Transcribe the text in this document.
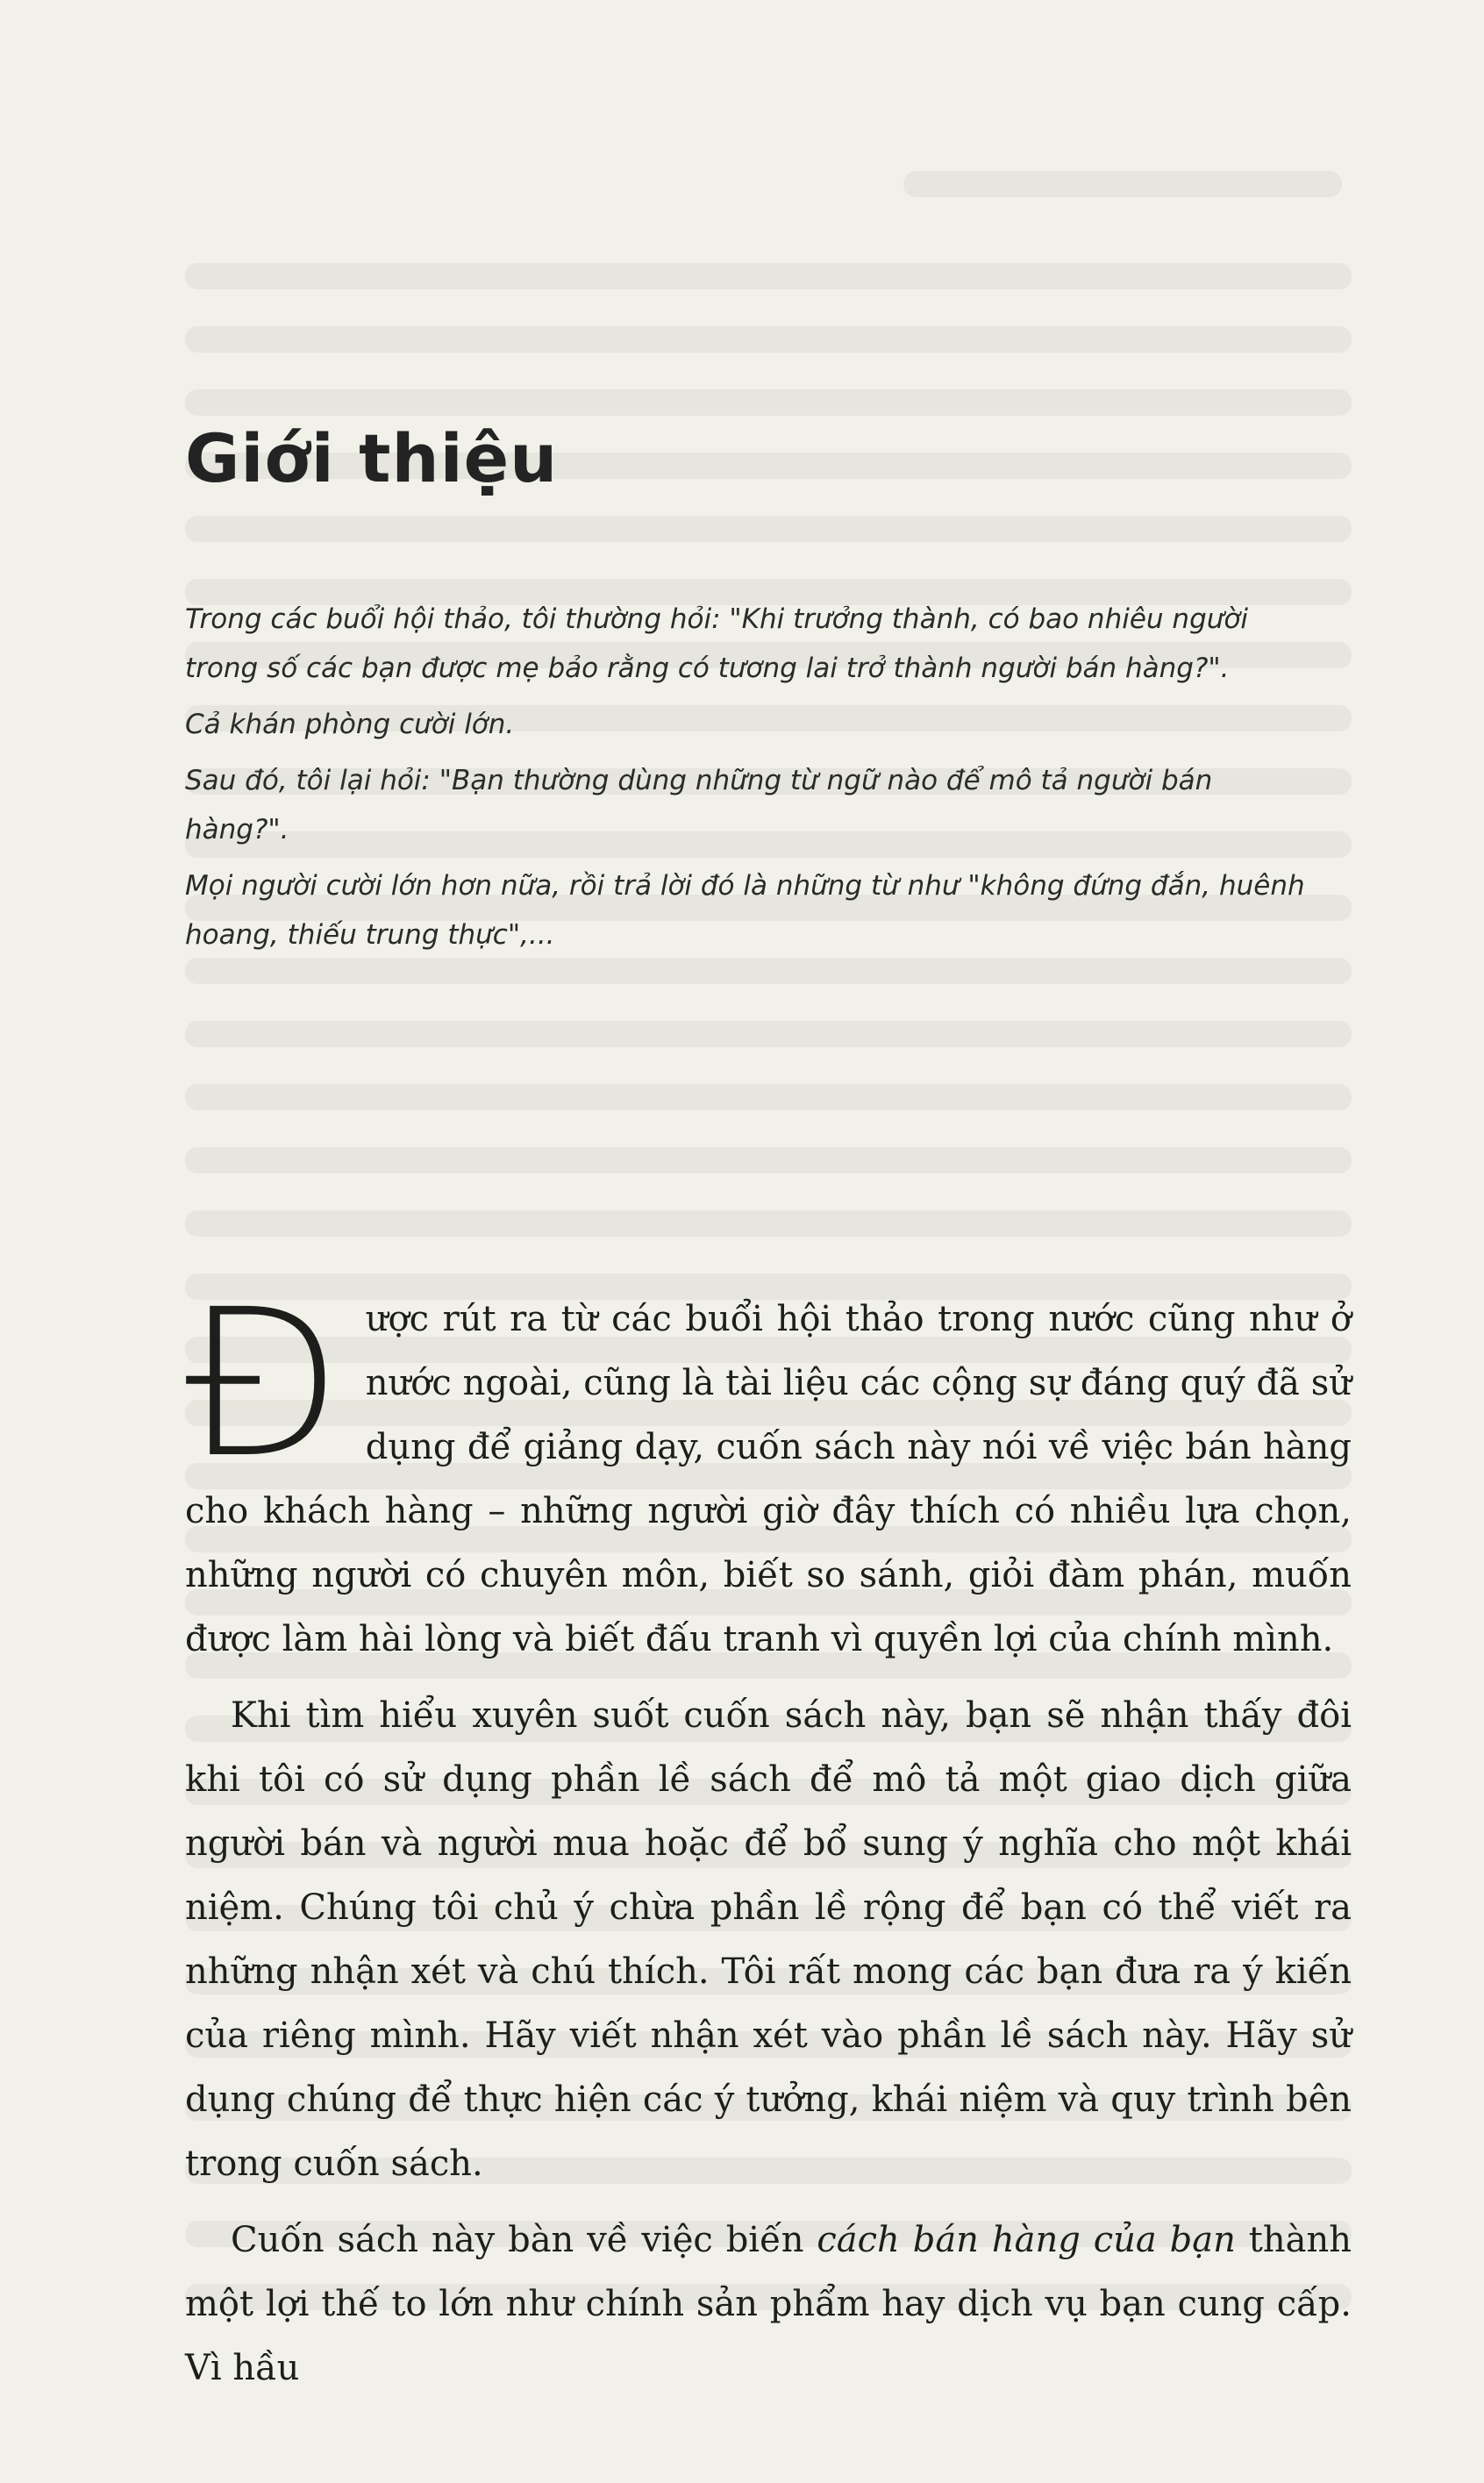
Giới thiệu

Trong các buổi hội thảo, tôi thường hỏi: "Khi trưởng thành, có bao nhiêu người trong số các bạn được mẹ bảo rằng có tương lai trở thành người bán hàng?".

Cả khán phòng cười lớn.

Sau đó, tôi lại hỏi: "Bạn thường dùng những từ ngữ nào để mô tả người bán hàng?".

Mọi người cười lớn hơn nữa, rồi trả lời đó là những từ như "không đứng đắn, huênh hoang, thiếu trung thực",...

Được rút ra từ các buổi hội thảo trong nước cũng như ở nước ngoài, cũng là tài liệu các cộng sự đáng quý đã sử dụng để giảng dạy, cuốn sách này nói về việc bán hàng cho khách hàng – những người giờ đây thích có nhiều lựa chọn, những người có chuyên môn, biết so sánh, giỏi đàm phán, muốn được làm hài lòng và biết đấu tranh vì quyền lợi của chính mình.

Khi tìm hiểu xuyên suốt cuốn sách này, bạn sẽ nhận thấy đôi khi tôi có sử dụng phần lề sách để mô tả một giao dịch giữa người bán và người mua hoặc để bổ sung ý nghĩa cho một khái niệm. Chúng tôi chủ ý chừa phần lề rộng để bạn có thể viết ra những nhận xét và chú thích. Tôi rất mong các bạn đưa ra ý kiến của riêng mình. Hãy viết nhận xét vào phần lề sách này. Hãy sử dụng chúng để thực hiện các ý tưởng, khái niệm và quy trình bên trong cuốn sách.

Cuốn sách này bàn về việc biến cách bán hàng của bạn thành một lợi thế to lớn như chính sản phẩm hay dịch vụ bạn cung cấp. Vì hầu
